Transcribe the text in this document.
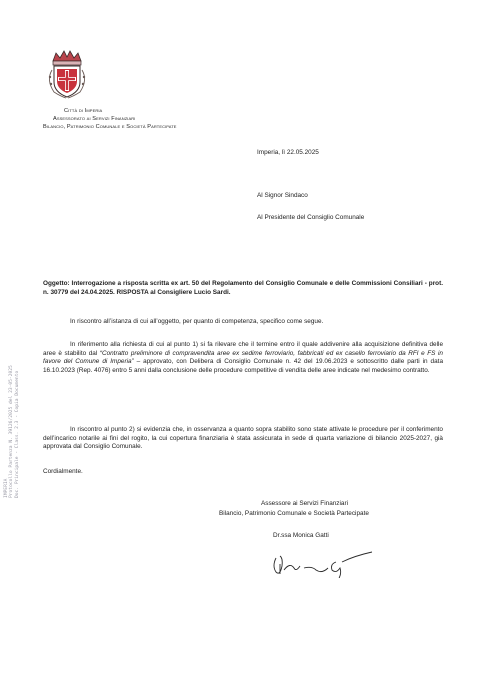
Città di Imperia
Assessorato ai Servizi Finanziari
Bilancio, Patrimonio Comunale e Società Partecipate
Imperia, lì 22.05.2025
Al Signor Sindaco
Al Presidente del Consiglio Comunale
Oggetto: Interrogazione a risposta scritta ex art. 50 del Regolamento del Consiglio Comunale e delle Commissioni Consiliari - prot. n. 30779 del 24.04.2025. RISPOSTA al Consigliere Lucio Sardi.
In riscontro all’istanza di cui all’oggetto, per quanto di competenza, specifico come segue.
In riferimento alla richiesta di cui al punto 1) si fa rilevare che il termine entro il quale addivenire alla acquisizione definitiva delle aree è stabilito dal “Contratto preliminore di compravendita aree ex sedime ferroviario, fabbricati ed ex casello ferroviario da RFI e FS in favore del Comune di Imperia” – approvato, con Delibera di Consiglio Comunale n. 42 del 19.06.2023 e sottoscritto dalle parti in data 16.10.2023 (Rep. 4076) entro 5 anni dalla conclusione delle procedure competitive di vendita delle aree indicate nel medesimo contratto.
In riscontro al punto 2) si evidenzia che, in osservanza a quanto sopra stabilito sono state attivate le procedure per il conferimento dell’incarico notarile ai fini del rogito, la cui copertura finanziaria è stata assicurata in sede di quarta variazione di bilancio 2025-2027, già approvata dal Consiglio Comunale.
Cordialmente.
Assessore ai Servizi Finanziari
Bilancio, Patrimonio Comunale e Società Partecipate
Dr.ssa Monica Gatti
IMPERIA Protocollo Partenza N. 39126/2025 del 23-05-2025 Doc. Principale - Class. 2.3 - Copia Documento
